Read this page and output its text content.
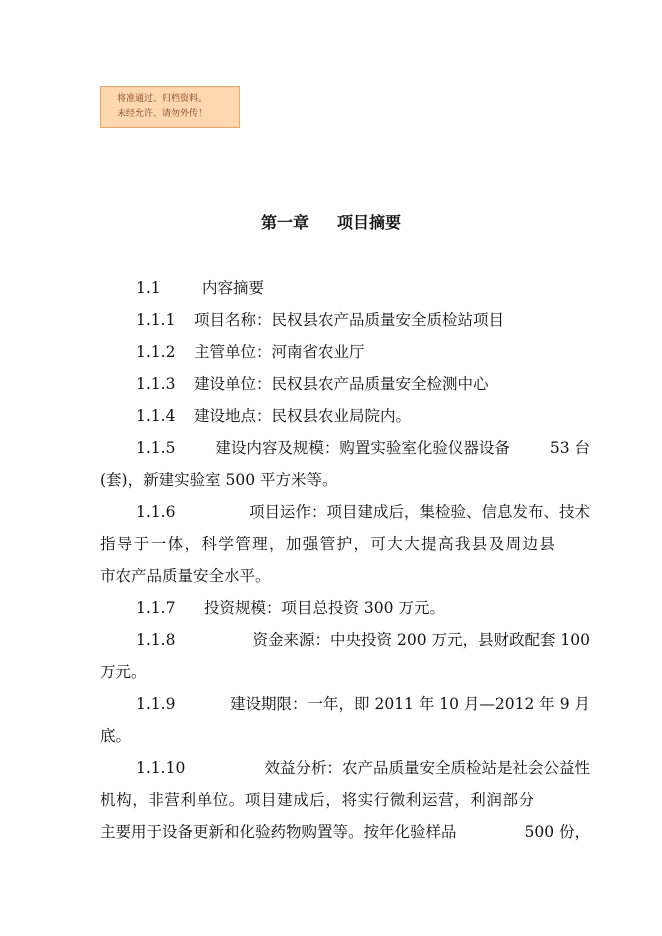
将准通过、归档资料。
未经允许、请勿外传！
第一章 项目摘要
1.1	内容摘要
1.1.1 项目名称：民权县农产品质量安全质检站项目
1.1.2 主管单位：河南省农业厅
1.1.3 建设单位：民权县农产品质量安全检测中心
1.1.4 建设地点：民权县农业局院内。
1.1.5	建设内容及规模：购置实验室化验仪器设备	53 台
(套)，新建实验室 500 平方米等。
1.1.6	项目运作：项目建成后，集检验、信息发布、技术
指导于一体，科学管理，加强管护，可大大提高我县及周边县
市农产品质量安全水平。
1.1.7 投资规模：项目总投资 300 万元。
1.1.8	资金来源：中央投资 200 万元，县财政配套 100
万元。
1.1.9	建设期限：一年，即 2011 年 10 月—2012 年 9 月
底。
1.1.10	效益分析：农产品质量安全质检站是社会公益性
机构，非营利单位。项目建成后，将实行微利运营，利润部分
主要用于设备更新和化验药物购置等。按年化验样品	500 份，
